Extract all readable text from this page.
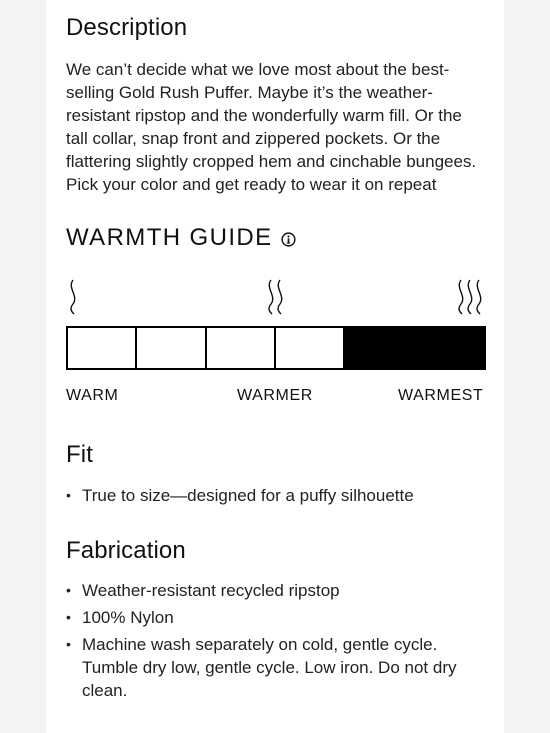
Description

We can’t decide what we love most about the best-selling Gold Rush Puffer. Maybe it’s the weather-resistant ripstop and the wonderfully warm fill. Or the tall collar, snap front and zippered pockets. Or the flattering slightly cropped hem and cinchable bungees. Pick your color and get ready to wear it on repeat

WARMTH GUIDE
WARM	WARMER	WARMEST
Fit
• True to size—designed for a puffy silhouette
Fabrication
• Weather-resistant recycled ripstop
• 100% Nylon
• Machine wash separately on cold, gentle cycle. Tumble dry low, gentle cycle. Low iron. Do not dry clean.
